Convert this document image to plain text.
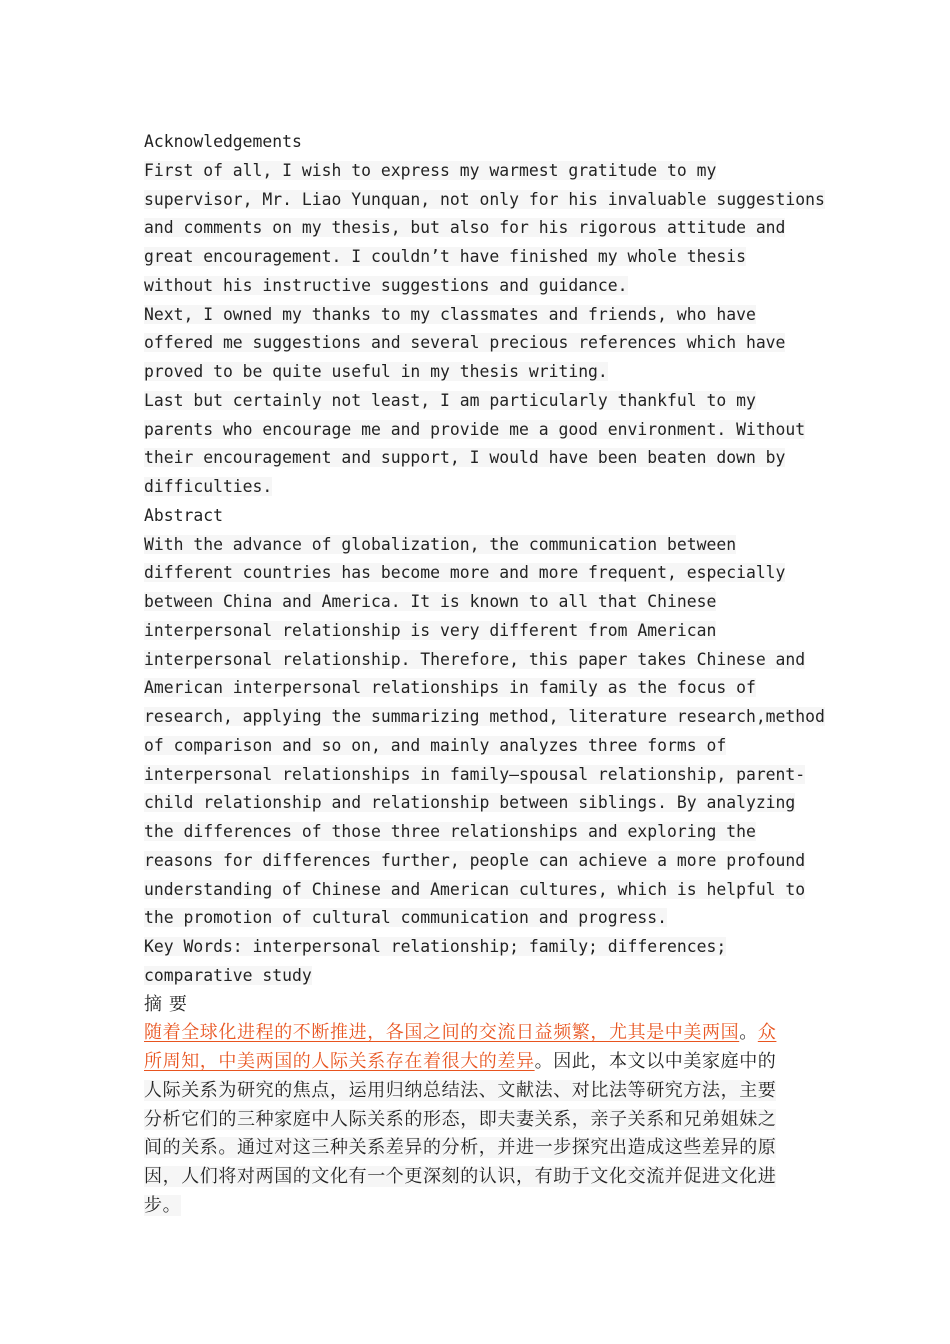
Acknowledgements
First of all, I wish to express my warmest gratitude to my
supervisor, Mr. Liao Yunquan, not only for his invaluable suggestions
and comments on my thesis, but also for his rigorous attitude and
great encouragement. I couldn’t have finished my whole thesis
without his instructive suggestions and guidance.
Next, I owned my thanks to my classmates and friends, who have
offered me suggestions and several precious references which have
proved to be quite useful in my thesis writing.
Last but certainly not least, I am particularly thankful to my
parents who encourage me and provide me a good environment. Without
their encouragement and support, I would have been beaten down by
difficulties.
Abstract
With the advance of globalization, the communication between
different countries has become more and more frequent, especially
between China and America. It is known to all that Chinese
interpersonal relationship is very different from American
interpersonal relationship. Therefore, this paper takes Chinese and
American interpersonal relationships in family as the focus of
research, applying the summarizing method, literature research,method
of comparison and so on, and mainly analyzes three forms of
interpersonal relationships in family—spousal relationship, parent-
child relationship and relationship between siblings. By analyzing
the differences of those three relationships and exploring the
reasons for differences further, people can achieve a more profound
understanding of Chinese and American cultures, which is helpful to
the promotion of cultural communication and progress.
Key Words: interpersonal relationship; family; differences;
comparative study
摘 要
随着全球化进程的不断推进，各国之间的交流日益频繁，尤其是中美两国。众
所周知，中美两国的人际关系存在着很大的差异。因此，本文以中美家庭中的
人际关系为研究的焦点，运用归纳总结法、文献法、对比法等研究方法，主要
分析它们的三种家庭中人际关系的形态，即夫妻关系，亲子关系和兄弟姐妹之
间的关系。通过对这三种关系差异的分析，并进一步探究出造成这些差异的原
因，人们将对两国的文化有一个更深刻的认识，有助于文化交流并促进文化进
步。
